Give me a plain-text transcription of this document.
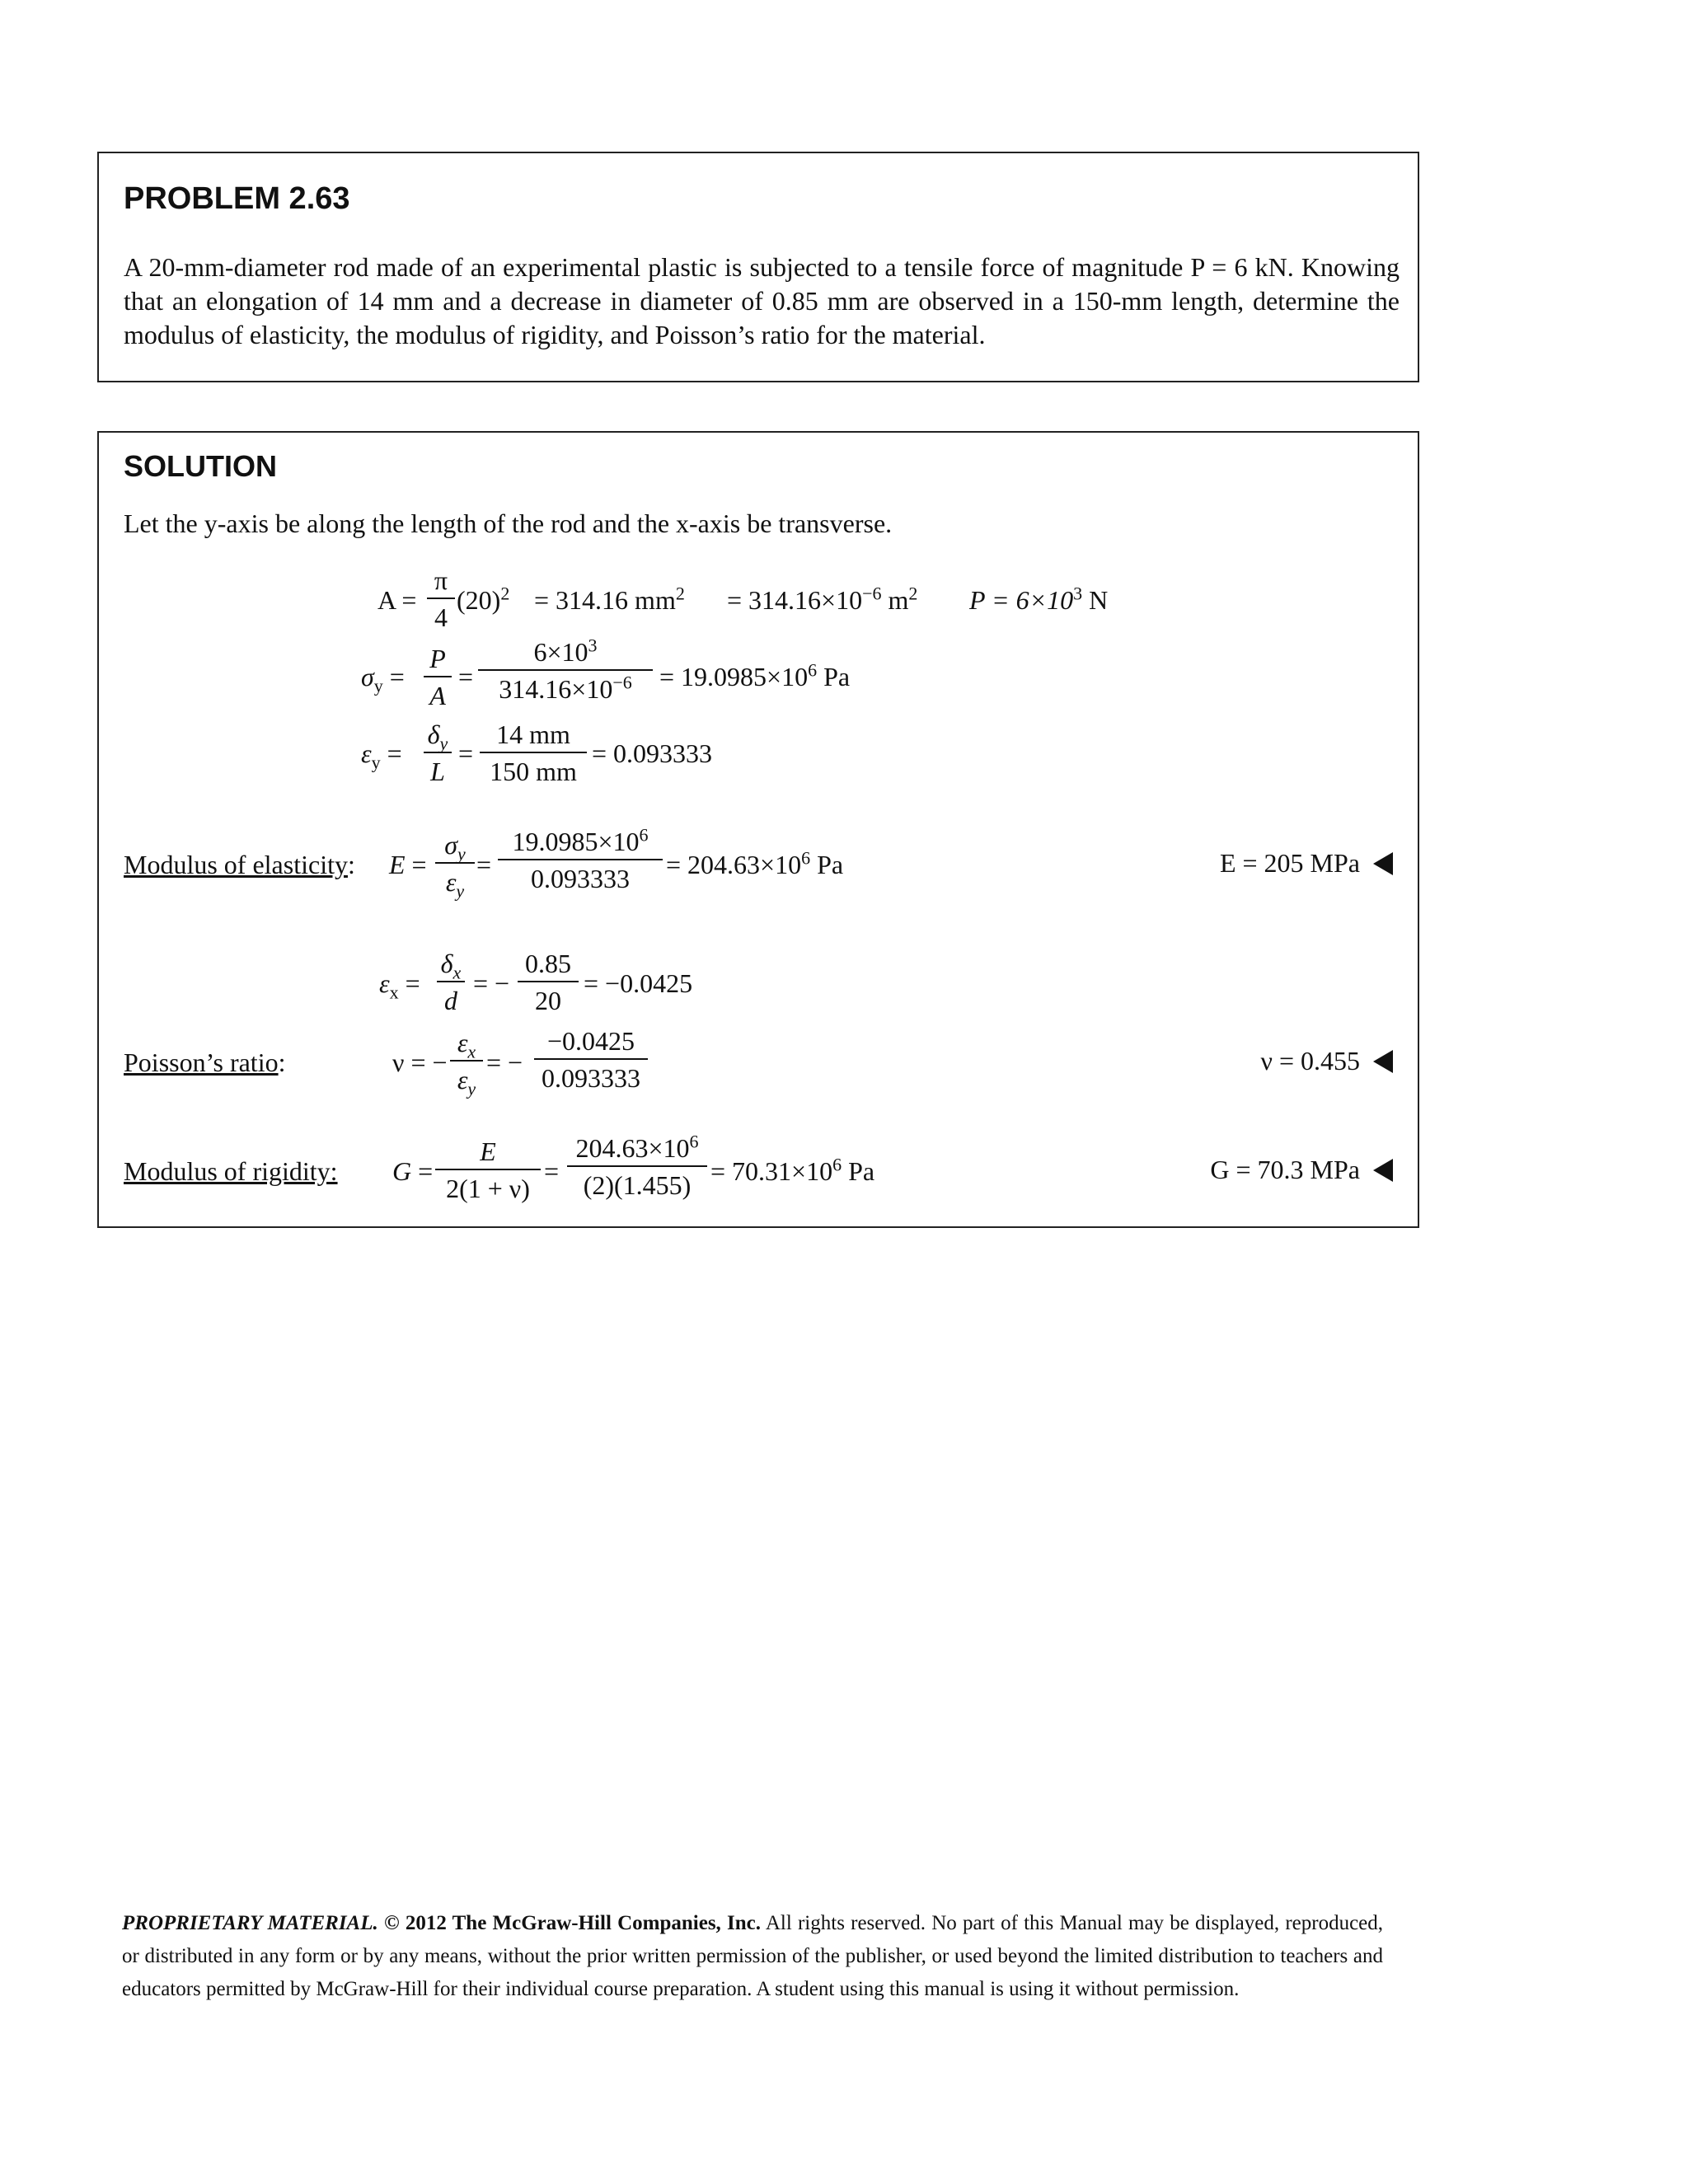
PROBLEM 2.63
A 20-mm-diameter rod made of an experimental plastic is subjected to a tensile force of magnitude P = 6 kN. Knowing that an elongation of 14 mm and a decrease in diameter of 0.85 mm are observed in a 150-mm length, determine the modulus of elasticity, the modulus of rigidity, and Poisson’s ratio for the material.
SOLUTION
Let the y-axis be along the length of the rod and the x-axis be transverse.
$A = \frac{\pi}{4} (20)^2 = 314.16$ $mm^2 = 314.16\times 10^{-6}$ $m^2$ $P = 6\times 10^3$ N
$\sigma_y = \frac{P}{A} = \frac{6\times 10^3}{314.16\times 10^{-6}} = 19.0985\times 10^6$ Pa
$\varepsilon_y = \frac{\delta_y}{L} = \frac{14 mm}{150 mm} = 0.093333$
Modulus of elasticity: $E = \frac{\sigma_y}{\varepsilon_y} = \frac{19.0985\times 10^6}{0.093333} = 204.63\times 10^6$ Pa	E = 205 MPa
$\varepsilon_x = \frac{\delta_x}{d}$ = − $\frac{0.85}{20} = -0.0425$
Poisson’s ratio:	ν = − $\frac{\varepsilon_x}{\varepsilon_y}$ = − $\frac{-0.0425}{0.093333}$	ν = 0.455
Modulus of rigidity: $G = \frac{E}{2(1 + \nu)} = \frac{204.63\times 10^6}{(2)(1.455)} = 70.31\times 10^6$ Pa	G = 70.3 MPa
PROPRIETARY MATERIAL. © 2012 The McGraw-Hill Companies, Inc. All rights reserved. No part of this Manual may be displayed, reproduced, or distributed in any form or by any means, without the prior written permission of the publisher, or used beyond the limited distribution to teachers and educators permitted by McGraw-Hill for their individual course preparation. A student using this manual is using it without permission.
